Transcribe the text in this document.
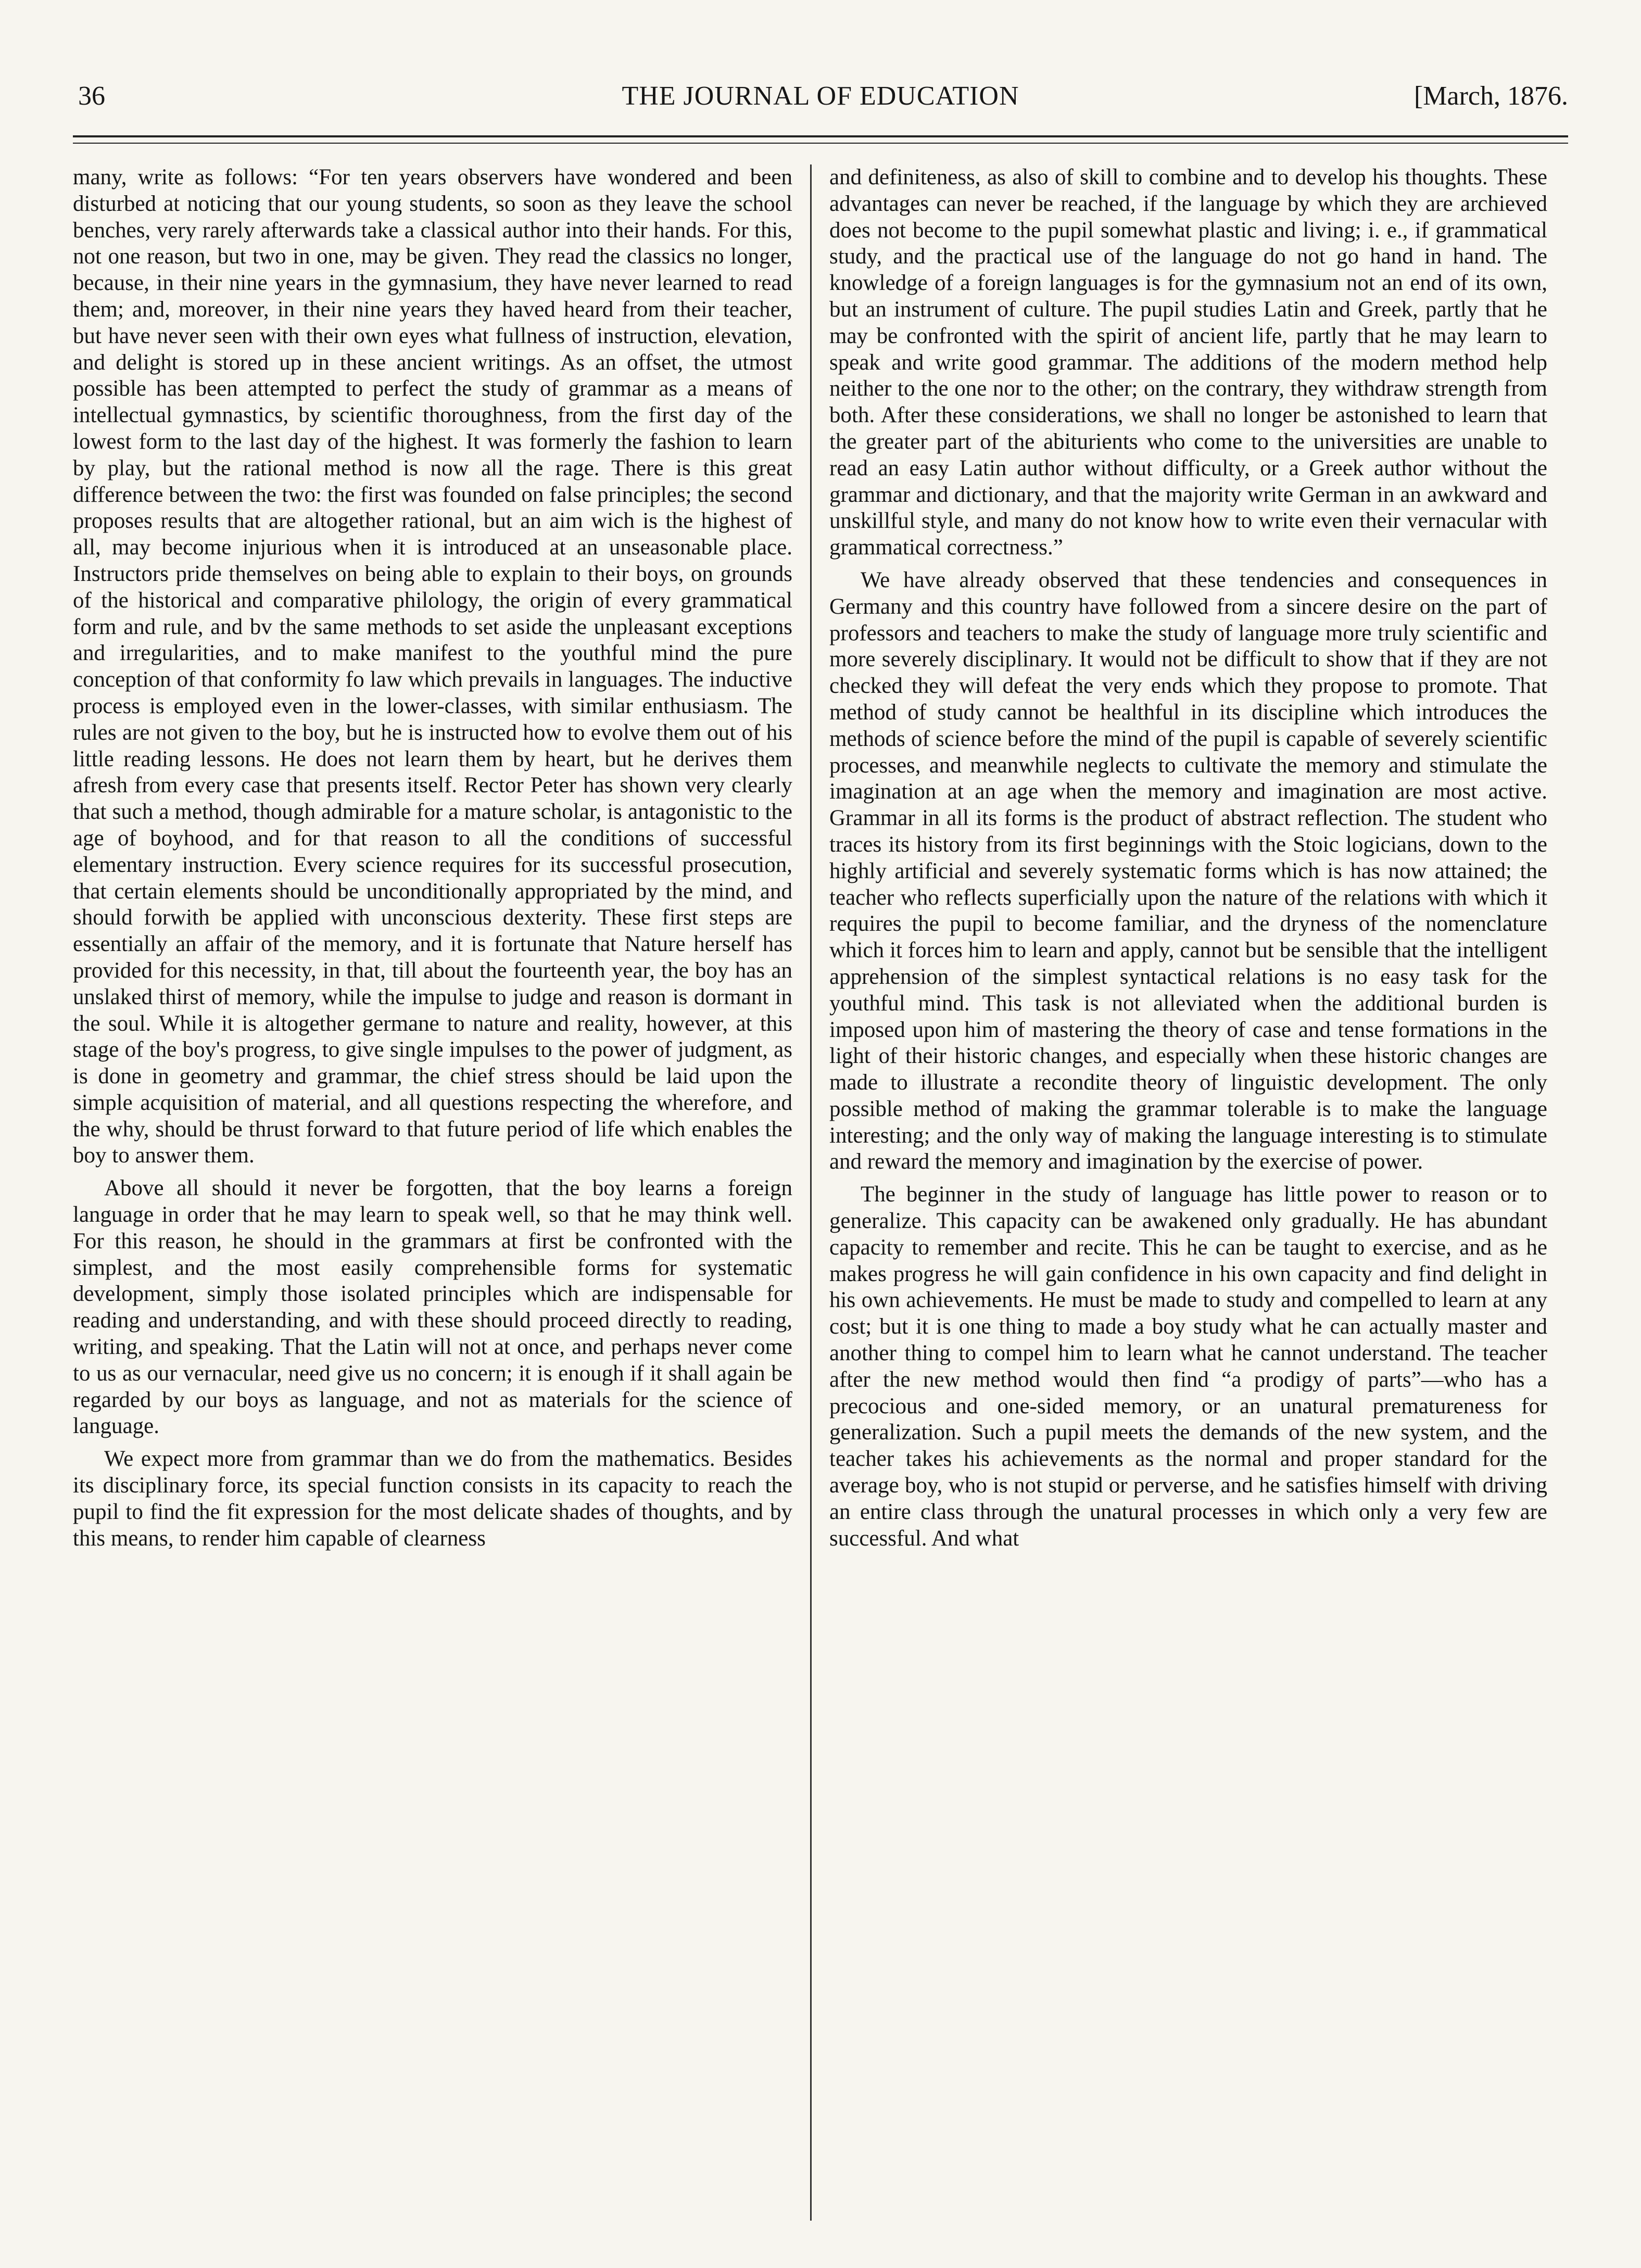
36	THE JOURNAL OF EDUCATION	[March, 1876.

many, write as follows: “For ten years observers have wondered and been disturbed at noticing that our young students, so soon as they leave the school benches, very rarely afterwards take a classical author into their hands. For this, not one reason, but two in one, may be given. They read the classics no longer, because, in their nine years in the gymnasium, they have never learned to read them; and, moreover, in their nine years they haved heard from their teacher, but have never seen with their own eyes what fullness of instruction, elevation, and delight is stored up in these ancient writings. As an offset, the utmost possible has been attempted to perfect the study of grammar as a means of intellectual gymnastics, by scientific thoroughness, from the first day of the lowest form to the last day of the highest. It was formerly the fashion to learn by play, but the rational method is now all the rage. There is this great difference between the two: the first was founded on false principles; the second proposes results that are altogether rational, but an aim wich is the highest of all, may become injurious when it is introduced at an unseasonable place. Instructors pride themselves on being able to explain to their boys, on grounds of the historical and comparative philology, the origin of every grammatical form and rule, and bv the same methods to set aside the unpleasant exceptions and irregularities, and to make manifest to the youthful mind the pure conception of that conformity fo law which prevails in languages. The inductive process is employed even in the lower-classes, with similar enthusiasm. The rules are not given to the boy, but he is instructed how to evolve them out of his little reading lessons. He does not learn them by heart, but he derives them afresh from every case that presents itself. Rector Peter has shown very clearly that such a method, though admirable for a mature scholar, is antagonistic to the age of boyhood, and for that reason to all the conditions of successful elementary instruction. Every science requires for its successful prosecution, that certain elements should be unconditionally appropriated by the mind, and should forwith be applied with unconscious dexterity. These first steps are essentially an affair of the memory, and it is fortunate that Nature herself has provided for this necessity, in that, till about the fourteenth year, the boy has an unslaked thirst of memory, while the impulse to judge and reason is dormant in the soul. While it is altogether germane to nature and reality, however, at this stage of the boy's progress, to give single impulses to the power of judgment, as is done in geometry and grammar, the chief stress should be laid upon the simple acquisition of material, and all questions respecting the wherefore, and the why, should be thrust forward to that future period of life which enables the boy to answer them.

Above all should it never be forgotten, that the boy learns a foreign language in order that he may learn to speak well, so that he may think well. For this reason, he should in the grammars at first be confronted with the simplest, and the most easily comprehensible forms for systematic development, simply those isolated principles which are indispensable for reading and understanding, and with these should proceed directly to reading, writing, and speaking. That the Latin will not at once, and perhaps never come to us as our vernacular, need give us no concern; it is enough if it shall again be regarded by our boys as language, and not as materials for the science of language.

We expect more from grammar than we do from the mathematics. Besides its disciplinary force, its special function consists in its capacity to reach the pupil to find the fit expression for the most delicate shades of thoughts, and by this means, to render him capable of clearness

and definiteness, as also of skill to combine and to develop his thoughts. These advantages can never be reached, if the language by which they are archieved does not become to the pupil somewhat plastic and living; i. e., if grammatical study, and the practical use of the language do not go hand in hand. The knowledge of a foreign languages is for the gymnasium not an end of its own, but an instrument of culture. The pupil studies Latin and Greek, partly that he may be confronted with the spirit of ancient life, partly that he may learn to speak and write good grammar. The additions of the modern method help neither to the one nor to the other; on the contrary, they withdraw strength from both. After these considerations, we shall no longer be astonished to learn that the greater part of the abiturients who come to the universities are unable to read an easy Latin author without difficulty, or a Greek author without the grammar and dictionary, and that the majority write German in an awkward and unskillful style, and many do not know how to write even their vernacular with grammatical correctness.”

We have already observed that these tendencies and consequences in Germany and this country have followed from a sincere desire on the part of professors and teachers to make the study of language more truly scientific and more severely disciplinary. It would not be difficult to show that if they are not checked they will defeat the very ends which they propose to promote. That method of study cannot be healthful in its discipline which introduces the methods of science before the mind of the pupil is capable of severely scientific processes, and meanwhile neglects to cultivate the memory and stimulate the imagination at an age when the memory and imagination are most active. Grammar in all its forms is the product of abstract reflection. The student who traces its history from its first beginnings with the Stoic logicians, down to the highly artificial and severely systematic forms which is has now attained; the teacher who reflects superficially upon the nature of the relations with which it requires the pupil to become familiar, and the dryness of the nomenclature which it forces him to learn and apply, cannot but be sensible that the intelligent apprehension of the simplest syntactical relations is no easy task for the youthful mind. This task is not alleviated when the additional burden is imposed upon him of mastering the theory of case and tense formations in the light of their historic changes, and especially when these historic changes are made to illustrate a recondite theory of linguistic development. The only possible method of making the grammar tolerable is to make the language interesting; and the only way of making the language interesting is to stimulate and reward the memory and imagination by the exercise of power.

The beginner in the study of language has little power to reason or to generalize. This capacity can be awakened only gradually. He has abundant capacity to remember and recite. This he can be taught to exercise, and as he makes progress he will gain confidence in his own capacity and find delight in his own achievements. He must be made to study and compelled to learn at any cost; but it is one thing to made a boy study what he can actually master and another thing to compel him to learn what he cannot understand. The teacher after the new method would then find “a prodigy of parts”—who has a precocious and one-sided memory, or an unatural prematureness for generalization. Such a pupil meets the demands of the new system, and the teacher takes his achievements as the normal and proper standard for the average boy, who is not stupid or perverse, and he satisfies himself with driving an entire class through the unatural processes in which only a very few are successful. And what
